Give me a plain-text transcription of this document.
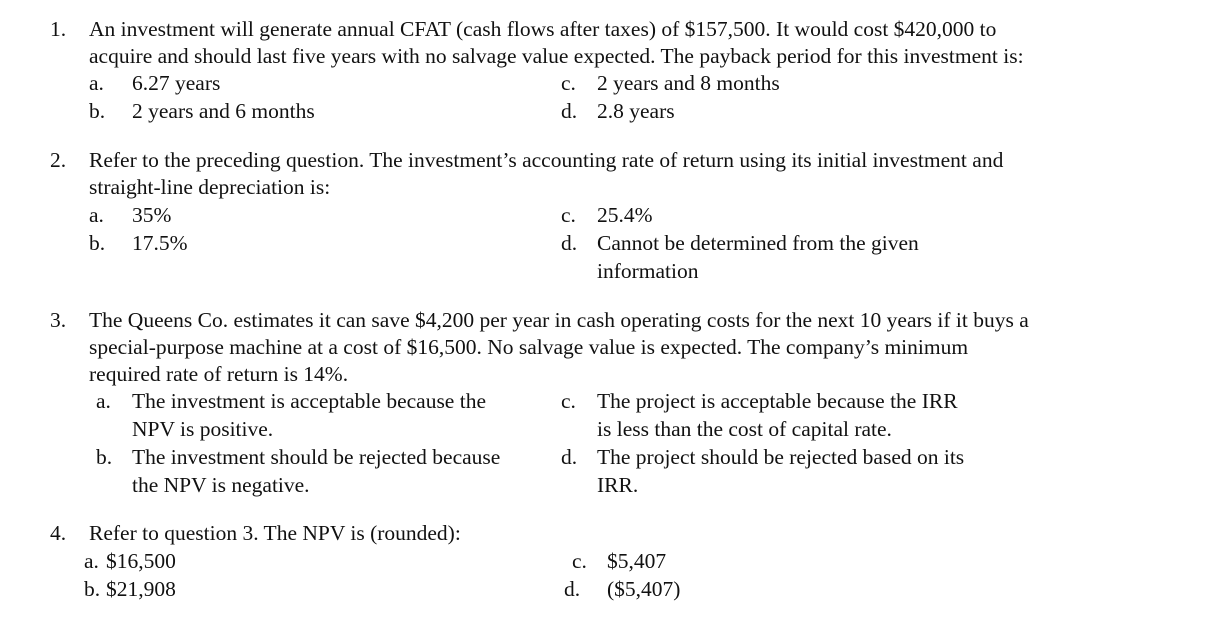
1. An investment will generate annual CFAT (cash flows after taxes) of $157,500. It would cost $420,000 to
acquire and should last five years with no salvage value expected. The payback period for this investment is:
a. 6.27 years
b. 2 years and 6 months
c. 2 years and 8 months
d. 2.8 years
2. Refer to the preceding question. The investment’s accounting rate of return using its initial investment and
straight-line depreciation is:
a. 35%
b. 17.5%
c. 25.4%
d. Cannot be determined from the given
information
3. The Queens Co. estimates it can save $4,200 per year in cash operating costs for the next 10 years if it buys a
special-purpose machine at a cost of $16,500. No salvage value is expected. The company’s minimum
required rate of return is 14%.
a. The investment is acceptable because the
NPV is positive.
b. The investment should be rejected because
the NPV is negative.
c. The project is acceptable because the IRR
is less than the cost of capital rate.
d. The project should be rejected based on its
IRR.
4. Refer to question 3. The NPV is (rounded):
a. $16,500
b. $21,908
c. $5,407
d. ($5,407)
